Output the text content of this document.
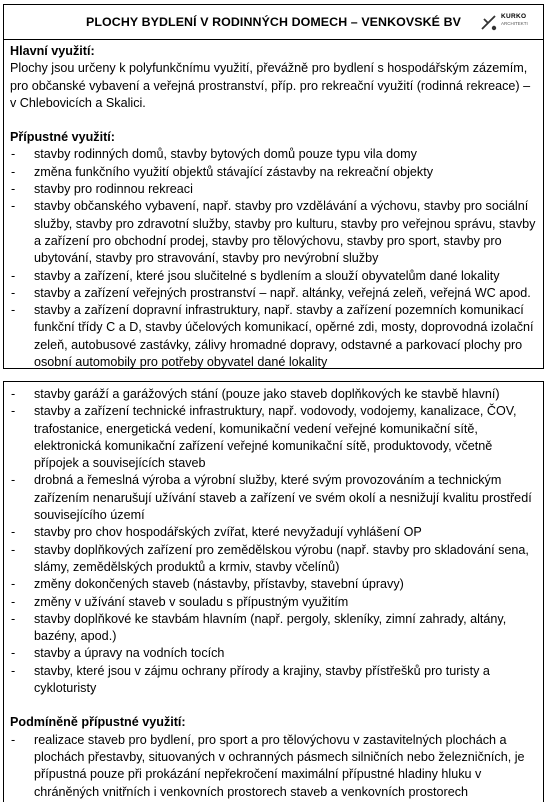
PLOCHY BYDLENÍ V RODINNÝCH DOMECH – VENKOVSKÉ BV	KURKO
ARCHITEKTI
Hlavní využití:

Plochy jsou určeny k polyfunkčnímu využití, převážně pro bydlení s hospodářským zázemím, pro občanské vybavení a veřejná prostranství, příp. pro rekreační využití (rodinná rekreace) – v Chlebovicích a Skalici.

Přípustné využití:
- stavby rodinných domů, stavby bytových domů pouze typu vila domy
- změna funkčního využití objektů stávající zástavby na rekreační objekty
- stavby pro rodinnou rekreaci
- stavby občanského vybavení, např. stavby pro vzdělávání a výchovu, stavby pro sociální služby, stavby pro zdravotní služby, stavby pro kulturu, stavby pro veřejnou správu, stavby a zařízení pro obchodní prodej, stavby pro tělovýchovu, stavby pro sport, stavby pro ubytování, stavby pro stravování, stavby pro nevýrobní služby
- stavby a zařízení, které jsou slučitelné s bydlením a slouží obyvatelům dané lokality
- stavby a zařízení veřejných prostranství – např. altánky, veřejná zeleň, veřejná WC apod.
- stavby a zařízení dopravní infrastruktury, např. stavby a zařízení pozemních komunikací funkční třídy C a D, stavby účelových komunikací, opěrné zdi, mosty, doprovodná izolační zeleň, autobusové zastávky, zálivy hromadné dopravy, odstavné a parkovací plochy pro osobní automobily pro potřeby obyvatel dané lokality
- stavby garáží a garážových stání (pouze jako staveb doplňkových ke stavbě hlavní)
- stavby a zařízení technické infrastruktury, např. vodovody, vodojemy, kanalizace, ČOV, trafostanice, energetická vedení, komunikační vedení veřejné komunikační sítě, elektronická komunikační zařízení veřejné komunikační sítě, produktovody, včetně přípojek a souvisejících staveb
- drobná a řemeslná výroba a výrobní služby, které svým provozováním a technickým zařízením nenarušují užívání staveb a zařízení ve svém okolí a nesnižují kvalitu prostředí souvisejícího území
- stavby pro chov hospodářských zvířat, které nevyžadují vyhlášení OP
- stavby doplňkových zařízení pro zemědělskou výrobu (např. stavby pro skladování sena, slámy, zemědělských produktů a krmiv, stavby včelínů)
- změny dokončených staveb (nástavby, přístavby, stavební úpravy)
- změny v užívání staveb v souladu s přípustným využitím
- stavby doplňkové ke stavbám hlavním (např. pergoly, skleníky, zimní zahrady, altány, bazény, apod.)
- stavby a úpravy na vodních tocích
- stavby, které jsou v zájmu ochrany přírody a krajiny, stavby přístřešků pro turisty a cykloturisty
Podmíněně přípustné využití:
- realizace staveb pro bydlení, pro sport a pro tělovýchovu v zastavitelných plochách a plochách přestavby, situovaných v ochranných pásmech silničních nebo železničních, je přípustná pouze při prokázání nepřekročení maximální přípustné hladiny hluku v chráněných vnitřních i venkovních prostorech staveb a venkovních prostorech
